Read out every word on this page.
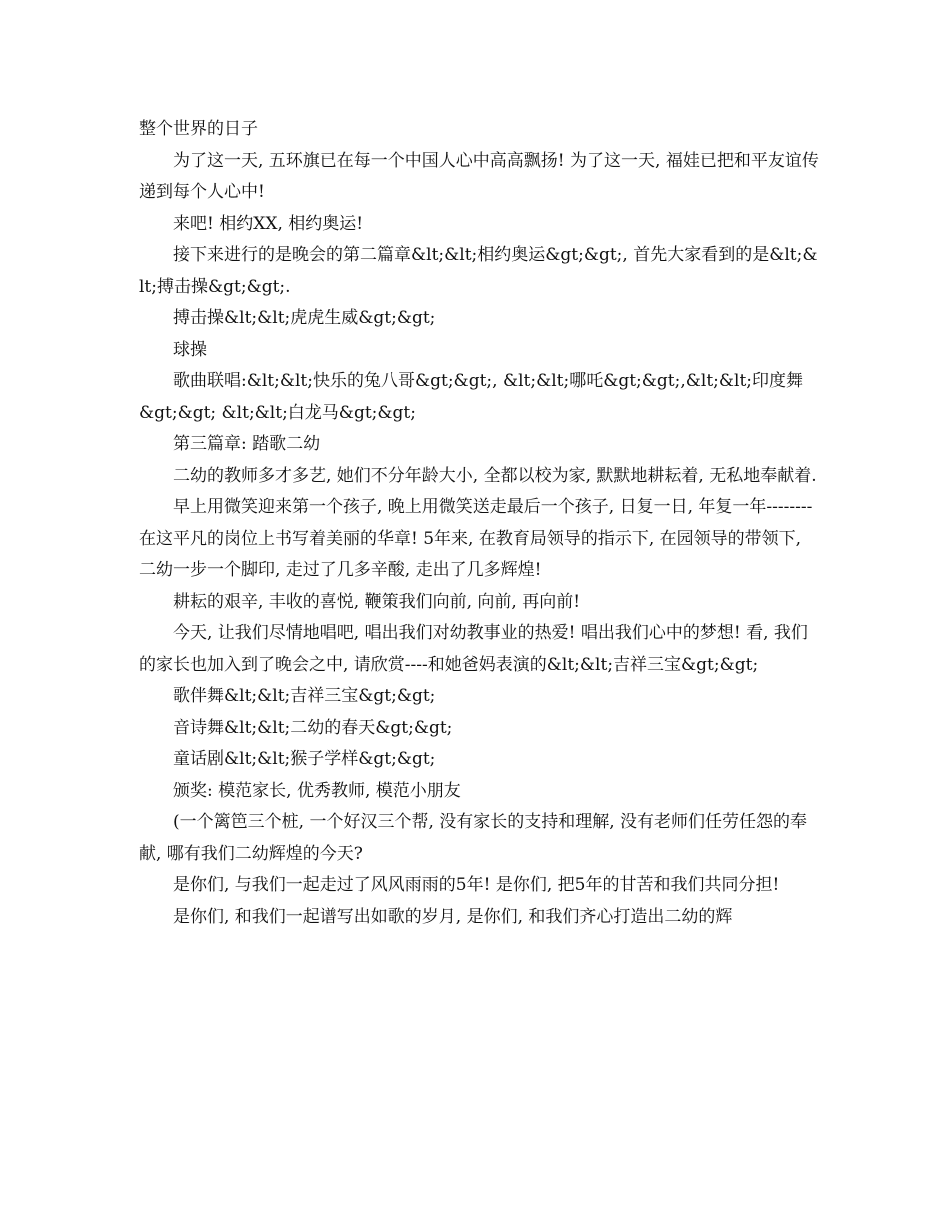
整个世界的日子

为了这一天, 五环旗已在每一个中国人心中高高飘扬! 为了这一天, 福娃已把和平友谊传递到每个人心中!

来吧! 相约XX, 相约奥运!

接下来进行的是晚会的第二篇章&lt;&lt;相约奥运&gt;&gt;, 首先大家看到的是&lt;&lt;搏击操&gt;&gt;.

搏击操&lt;&lt;虎虎生威&gt;&gt;

球操

歌曲联唱:&lt;&lt;快乐的兔八哥&gt;&gt;, &lt;&lt;哪吒&gt;&gt;,&lt;&lt;印度舞 &gt;&gt; &lt;&lt;白龙马&gt;&gt;

第三篇章: 踏歌二幼

二幼的教师多才多艺, 她们不分年龄大小, 全都以校为家, 默默地耕耘着, 无私地奉献着.

早上用微笑迎来第一个孩子, 晚上用微笑送走最后一个孩子, 日复一日, 年复一年--------在这平凡的岗位上书写着美丽的华章! 5年来, 在教育局领导的指示下, 在园领导的带领下, 二幼一步一个脚印, 走过了几多辛酸, 走出了几多辉煌!

耕耘的艰辛, 丰收的喜悦, 鞭策我们向前, 向前, 再向前!

今天, 让我们尽情地唱吧, 唱出我们对幼教事业的热爱! 唱出我们心中的梦想! 看, 我们的家长也加入到了晚会之中, 请欣赏----和她爸妈表演的&lt;&lt;吉祥三宝&gt;&gt;

歌伴舞&lt;&lt;吉祥三宝&gt;&gt;

音诗舞&lt;&lt;二幼的春天&gt;&gt;

童话剧&lt;&lt;猴子学样&gt;&gt;

颁奖: 模范家长, 优秀教师, 模范小朋友

(一个篱笆三个桩, 一个好汉三个帮, 没有家长的支持和理解, 没有老师们任劳任怨的奉献, 哪有我们二幼辉煌的今天?

是你们, 与我们一起走过了风风雨雨的5年! 是你们, 把5年的甘苦和我们共同分担!

是你们, 和我们一起谱写出如歌的岁月, 是你们, 和我们齐心打造出二幼的辉
